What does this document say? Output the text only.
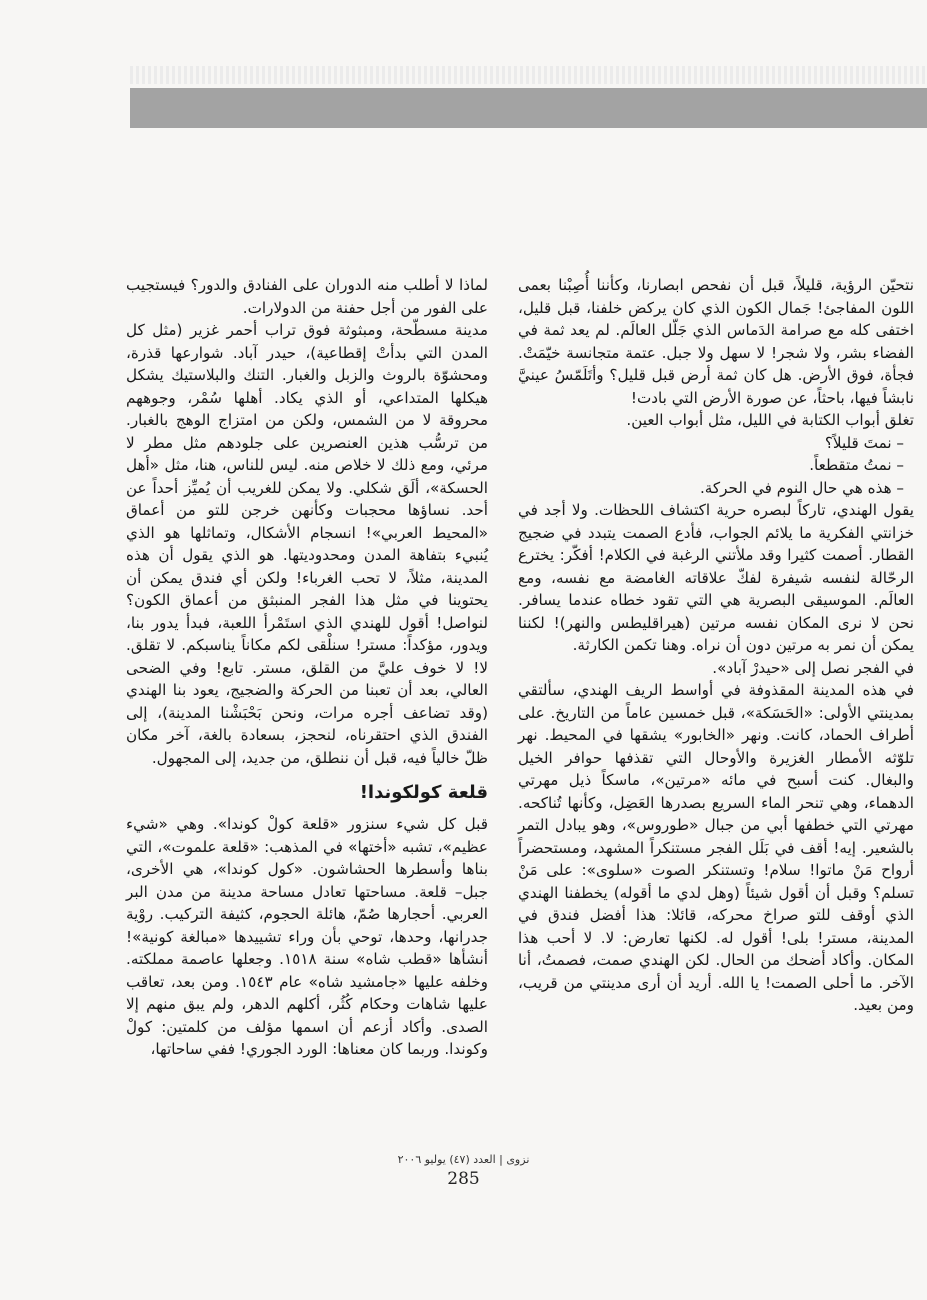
نتحيّن الرؤية، قليلاً، قبل أن نفحص ابصارنا، وكأننا أُصِبْنا بعمى اللون المفاجئ! جَمال الكون الذي كان يركض خلفنا، قبل قليل، اختفى كله مع صرامة الدَماس الذي جَلّل العالَم. لم يعد ثمة في الفضاء بشر، ولا شجر! لا سهل ولا جبل. عتمة متجانسة خيّمَتْ. فجأة، فوق الأرض. هل كان ثمة أرض قبل قليل؟ وأتَلَمّسُ عينيَّ نابشاً فيها، باحثاً، عن صورة الأرض التي بادت!

تغلق أبواب الكتابة في الليل، مثل أبواب العين.

– نمتَ قليلاً؟

– نمتُ متقطعاً.

– هذه هي حال النوم في الحركة.

يقول الهندي، تاركاً لبصره حرية اكتشاف اللحظات. ولا أجد في خزانتي الفكرية ما يلائم الجواب، فأدع الصمت يتبدد في ضجيج القطار. أصمت كثيرا وقد ملأتني الرغبة في الكلام! أفكّر: يخترع الرحّالة لنفسه شيفرة لفكّ علاقاته الغامضة مع نفسه، ومع العالَم. الموسيقى البصرية هي التي تقود خطاه عندما يسافر. نحن لا نرى المكان نفسه مرتين (هيراقليطس والنهر)! لكننا يمكن أن نمر به مرتين دون أن نراه. وهنا تكمن الكارثة.

في الفجر نصل إلى «حيدرْ آباد».

في هذه المدينة المقذوفة في أواسط الريف الهندي، سألتقي بمدينتي الأولى: «الحَسَكة»، قبل خمسين عاماً من التاريخ. على أطراف الحماد، كانت. ونهر «الخابور» يشقها في المحيط. نهر تلوّثه الأمطار الغزيرة والأوحال التي تقذفها حوافر الخيل والبغال. كنت أسبح في مائه «مرتين»، ماسكاً ذيل مهرتي الدهماء، وهي تنحر الماء السريع بصدرها العَضِل، وكأنها تُناكحه. مهرتي التي خطفها أبي من جبال «طوروس»، وهو يبادل التمر بالشعير. إيه! أقف في بَلَل الفجر مستنكراً المشهد، ومستحضراً أرواح مَنْ ماتوا! سلام! وتستنكر الصوت «سلوى»: على مَنْ تسلم؟ وقبل أن أقول شيئاً (وهل لدي ما أقوله) يخطفنا الهندي الذي أوقف للتو صراخ محركه، قائلا: هذا أفضل فندق في المدينة، مستر! بلى! أقول له. لكنها تعارض: لا. لا أحب هذا المكان. وأكاد أضحك من الحال. لكن الهندي صمت، فصمتُ، أنا الآخر. ما أحلى الصمت! يا الله. أريد أن أرى مدينتي من قريب، ومن بعيد.

لماذا لا أطلب منه الدوران على الفنادق والدور؟ فيستجيب على الفور من أجل حفنة من الدولارات.

مدينة مسطّحة، ومبثوثة فوق تراب أحمر غزير (مثل كل المدن التي بدأتْ إقطاعية)، حيدر آباد. شوارعها قذرة، ومحشوّة بالروث والزبل والغبار. التنك والبلاستيك يشكل هيكلها المتداعي، أو الذي يكاد. أهلها سُمْر، وجوههم محروقة لا من الشمس، ولكن من امتزاج الوهج بالغبار. من ترسُّب هذين العنصرين على جلودهم مثل مطر لا مرئي، ومع ذلك لا خلاص منه. ليس للناس، هنا، مثل «أهل الحسكة»، ألَق شكلي. ولا يمكن للغريب أن يُميِّز أحداً عن أحد. نساؤها محجبات وكأنهن خرجن للتو من أعماق «المحيط العربي»! انسجام الأشكال، وتماثلها هو الذي يُنبيء بتفاهة المدن ومحدوديتها. هو الذي يقول أن هذه المدينة، مثلاً، لا تحب الغرباء! ولكن أي فندق يمكن أن يحتوينا في مثل هذا الفجر المنبثق من أعماق الكون؟ لنواصل! أقول للهندي الذي استَمْرأ اللعبة، فبدأ يدور بنا، ويدور، مؤكداً: مستر! سنلْقى لكم مكاناً يناسبكم. لا تقلق. لا! لا خوف عليَّ من القلق، مستر. تابع! وفي الضحى العالي، بعد أن تعبنا من الحركة والضجيج، يعود بنا الهندي (وقد تضاعف أجره مرات، ونحن بَحْبَشْنا المدينة)، إلى الفندق الذي احتقرناه، لنحجز، بسعادة بالغة، آخر مكان ظلّ خالياً فيه، قبل أن ننطلق، من جديد، إلى المجهول.

قلعة كولكوندا!

قبل كل شيء سنزور «قلعة كولْ كوندا». وهي «شيء عظيم»، تشبه «أختها» في المذهب: «قلعة علموت»، التي بناها وأسطرها الحشاشون. «كول كوندا»، هي الأخرى، جبل– قلعة. مساحتها تعادل مساحة مدينة من مدن البر العربي. أحجارها صُمّ، هائلة الحجوم، كثيفة التركيب. روْية جدرانها، وحدها، توحي بأن وراء تشييدها «مبالغة كونية»! أنشأها «قطب شاه» سنة ١٥١٨. وجعلها عاصمة مملكته. وخلفه عليها «جامشيد شاه» عام ١٥٤٣. ومن بعد، تعاقب عليها شاهات وحكام كُثُر، أكلهم الدهر، ولم يبق منهم إلا الصدى. وأكاد أزعم أن اسمها مؤلف من كلمتين: كولْ وكوندا. وربما كان معناها: الورد الجوري! ففي ساحاتها،

نزوى | العدد (٤٧) يوليو ٢٠٠٦
285
